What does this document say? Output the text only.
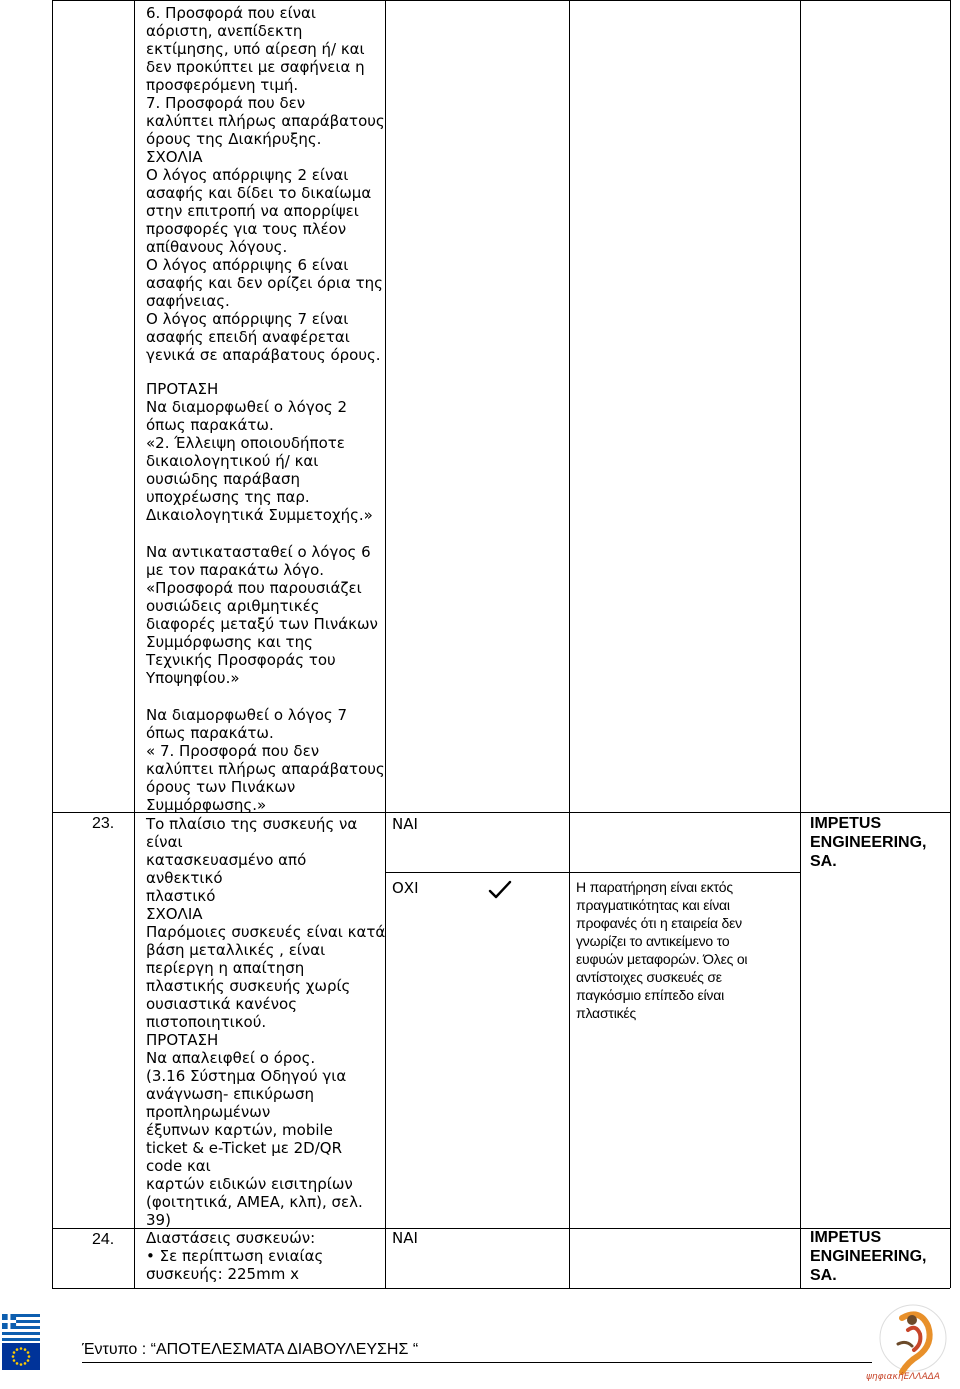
6. Προσφορά που είναι
αόριστη, ανεπίδεκτη
εκτίμησης, υπό αίρεση ή/ και
δεν προκύπτει με σαφήνεια η
προσφερόμενη τιμή.
7. Προσφορά που δεν
καλύπτει πλήρως απαράβατους
όρους της Διακήρυξης.
ΣΧΟΛΙΑ
Ο λόγος απόρριψης 2 είναι
ασαφής και δίδει το δικαίωμα
στην επιτροπή να απορρίψει
προσφορές για τους πλέον
απίθανους λόγους.
Ο λόγος απόρριψης 6 είναι
ασαφής και δεν ορίζει όρια της
σαφήνειας.
Ο λόγος απόρριψης 7 είναι
ασαφής επειδή αναφέρεται
γενικά σε απαράβατους όρους.
ΠΡΟΤΑΣΗ
Να διαμορφωθεί ο λόγος 2
όπως παρακάτω.
«2. Έλλειψη οποιουδήποτε
δικαιολογητικού ή/ και
ουσιώδης παράβαση
υποχρέωσης της παρ.
Δικαιολογητικά Συμμετοχής.»
Να αντικατασταθεί ο λόγος 6
με τον παρακάτω λόγο.
«Προσφορά που παρουσιάζει
ουσιώδεις αριθμητικές
διαφορές μεταξύ των Πινάκων
Συμμόρφωσης και της
Τεχνικής Προσφοράς του
Υποψηφίου.»
Να διαμορφωθεί ο λόγος 7
όπως παρακάτω.
« 7. Προσφορά που δεν
καλύπτει πλήρως απαράβατους
όρους των Πινάκων
Συμμόρφωσης.»
23. Το πλαίσιο της συσκευής να
είναι
κατασκευασμένο από
ανθεκτικό
πλαστικό
ΣΧΟΛΙΑ
Παρόμοιες συσκευές είναι κατά
βάση μεταλλικές , είναι
περίεργη η απαίτηση
πλαστικής συσκευής χωρίς
ουσιαστικά κανένος
πιστοποιητικού.
ΠΡΟΤΑΣΗ
Να απαλειφθεί ο όρος.
(3.16 Σύστημα Οδηγού για
ανάγνωση- επικύρωση
προπληρωμένων
έξυπνων καρτών, mobile
ticket & e-Ticket με 2D/QR
code και
καρτών ειδικών εισιτηρίων
(φοιτητικά, ΑΜΕΑ, κλπ), σελ.
39)
ΝΑΙ
ΟΧΙ	Η παρατήρηση είναι εκτός
πραγματικότητας και είναι
προφανές ότι η εταιρεία δεν
γνωρίζει το αντικείμενο το
ευφυών μεταφορών. Όλες οι
αντίστοιχες συσκευές σε
παγκόσμιο επίπεδο είναι
πλαστικές
IMPETUS
ENGINEERING,
SA.
24. Διαστάσεις συσκευών:
• Σε περίπτωση ενιαίας
συσκευής: 225mm x
ΝΑΙ	IMPETUS
ENGINEERING,
SA.
Έντυπο : “ΑΠΟΤΕΛΕΣΜΑΤΑ ΔΙΑΒΟΥΛΕΥΣΗΣ “
ψηφιακήΕΛΛΑΔΑ
